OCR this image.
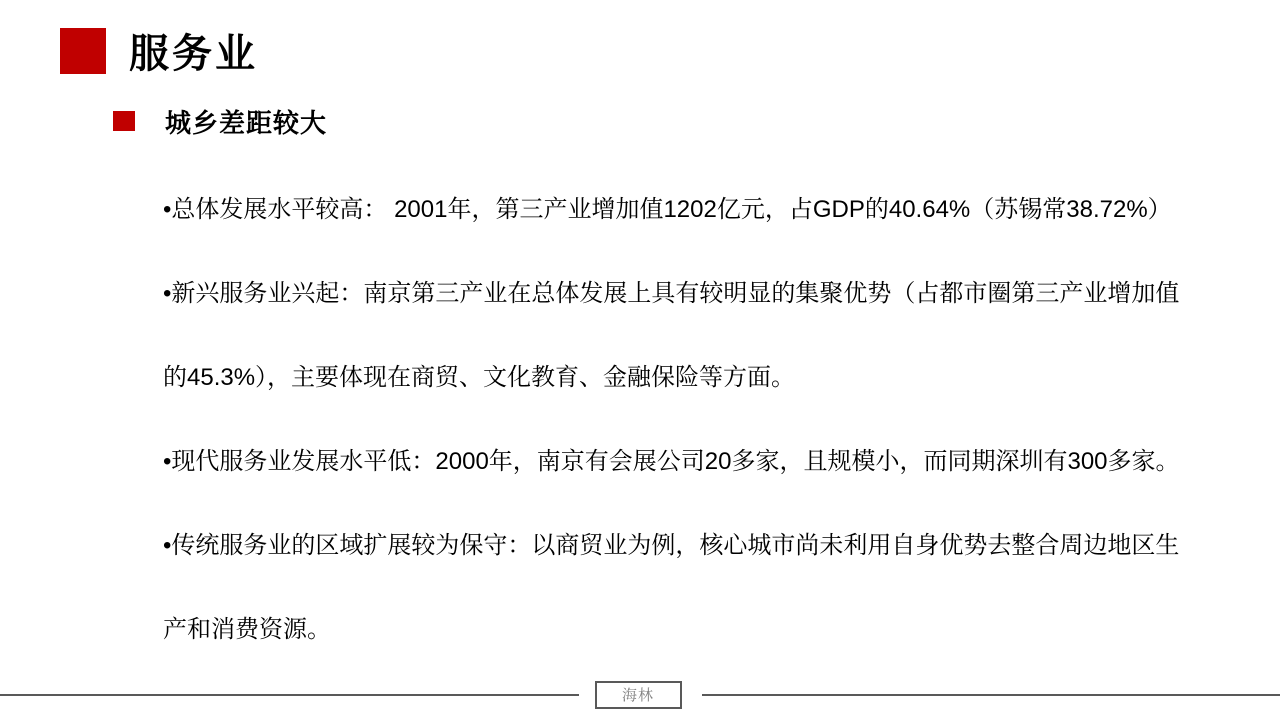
服务业
城乡差距较大

•总体发展水平较高： 2001年，第三产业增加值1202亿元，占GDP的40.64%（苏锡常38.72%）

•新兴服务业兴起：南京第三产业在总体发展上具有较明显的集聚优势（占都市圈第三产业增加值的45.3%），主要体现在商贸、文化教育、金融保险等方面。

•现代服务业发展水平低：2000年，南京有会展公司20多家，且规模小，而同期深圳有300多家。

•传统服务业的区域扩展较为保守：以商贸业为例，核心城市尚未利用自身优势去整合周边地区生产和消费资源。

海林
